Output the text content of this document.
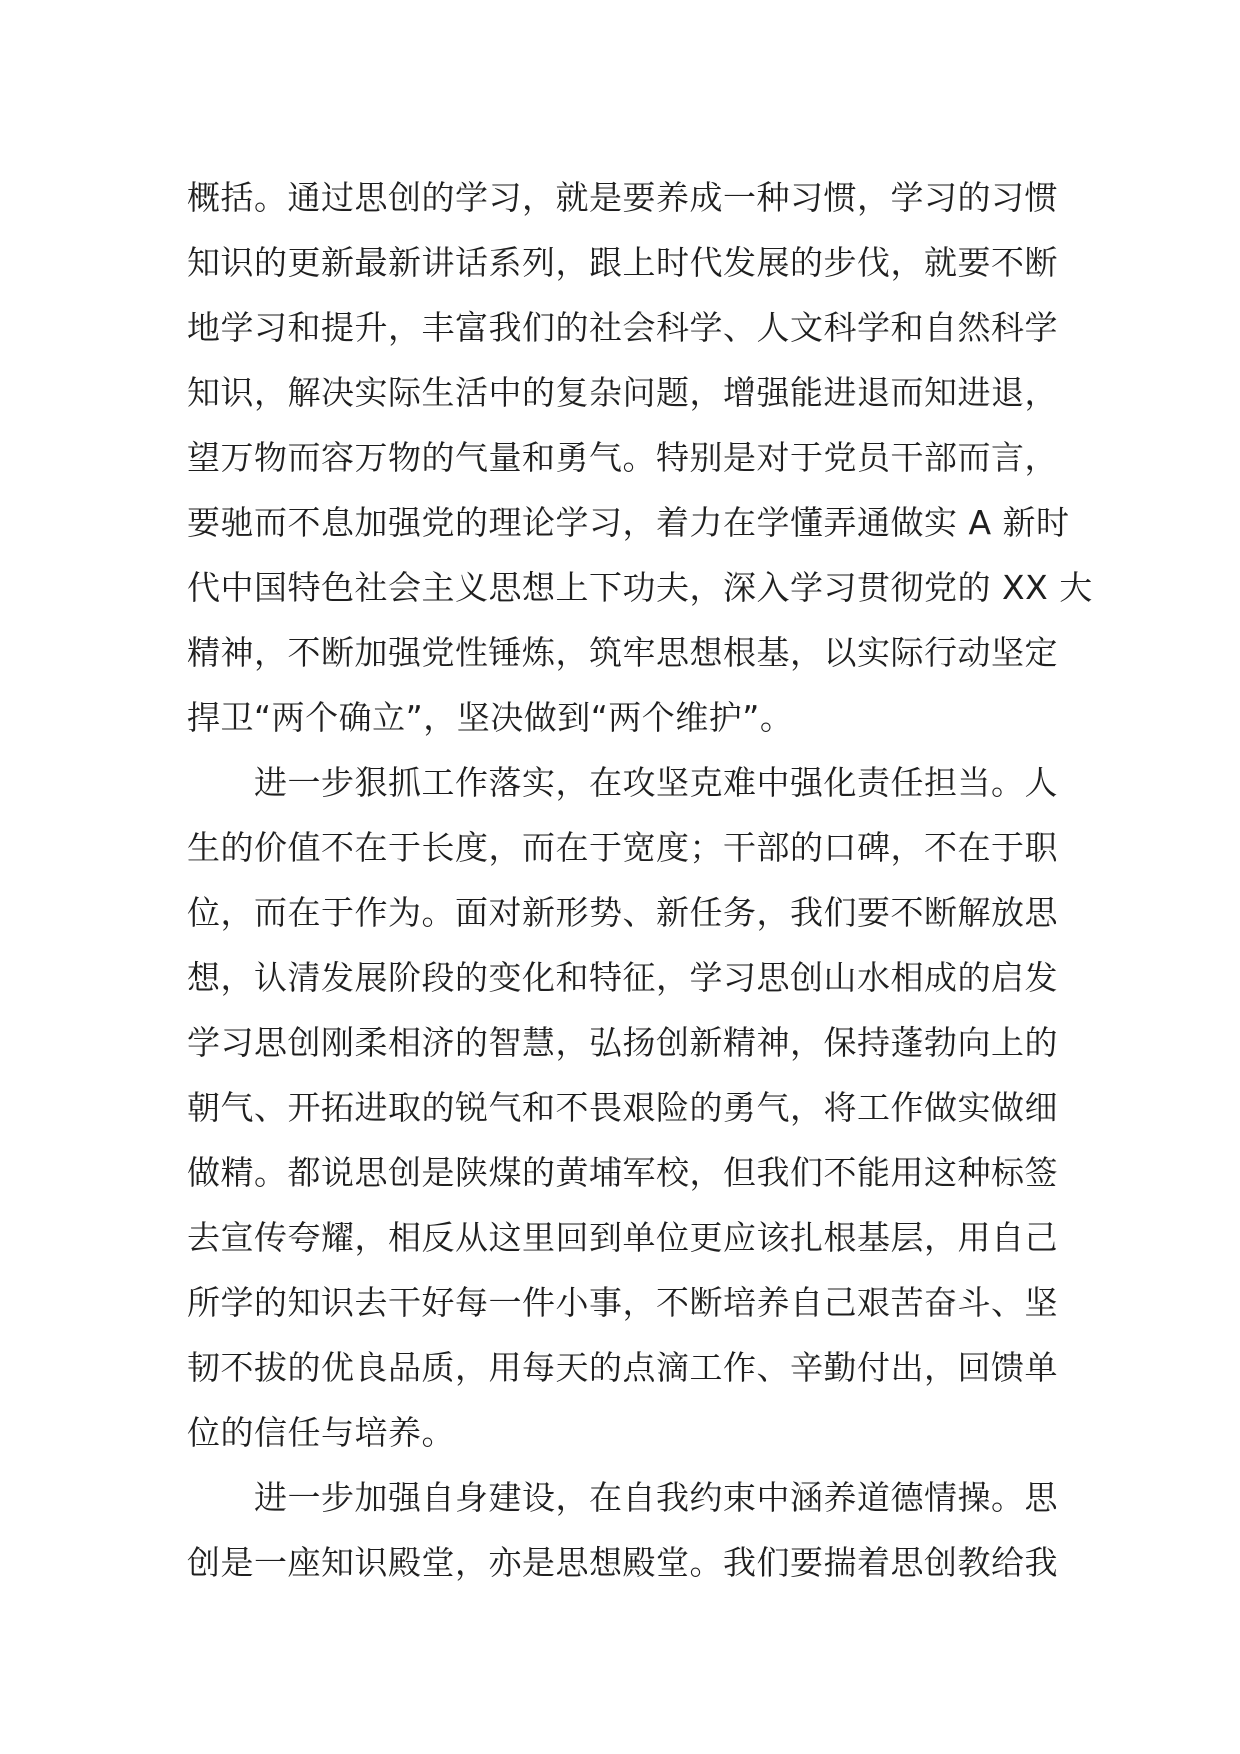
概括。通过思创的学习，就是要养成一种习惯，学习的习惯
知识的更新最新讲话系列，跟上时代发展的步伐，就要不断
地学习和提升，丰富我们的社会科学、人文科学和自然科学
知识，解决实际生活中的复杂问题，增强能进退而知进退，
望万物而容万物的气量和勇气。特别是对于党员干部而言，
要驰而不息加强党的理论学习，着力在学懂弄通做实 A 新时
代中国特色社会主义思想上下功夫，深入学习贯彻党的 XX 大
精神，不断加强党性锤炼，筑牢思想根基，以实际行动坚定
捍卫“两个确立”，坚决做到“两个维护”。
进一步狠抓工作落实，在攻坚克难中强化责任担当。人
生的价值不在于长度，而在于宽度；干部的口碑，不在于职
位，而在于作为。面对新形势、新任务，我们要不断解放思
想，认清发展阶段的变化和特征，学习思创山水相成的启发
学习思创刚柔相济的智慧，弘扬创新精神，保持蓬勃向上的
朝气、开拓进取的锐气和不畏艰险的勇气，将工作做实做细
做精。都说思创是陕煤的黄埔军校，但我们不能用这种标签
去宣传夸耀，相反从这里回到单位更应该扎根基层，用自己
所学的知识去干好每一件小事，不断培养自己艰苦奋斗、坚
韧不拔的优良品质，用每天的点滴工作、辛勤付出，回馈单
位的信任与培养。
进一步加强自身建设，在自我约束中涵养道德情操。思
创是一座知识殿堂，亦是思想殿堂。我们要揣着思创教给我
